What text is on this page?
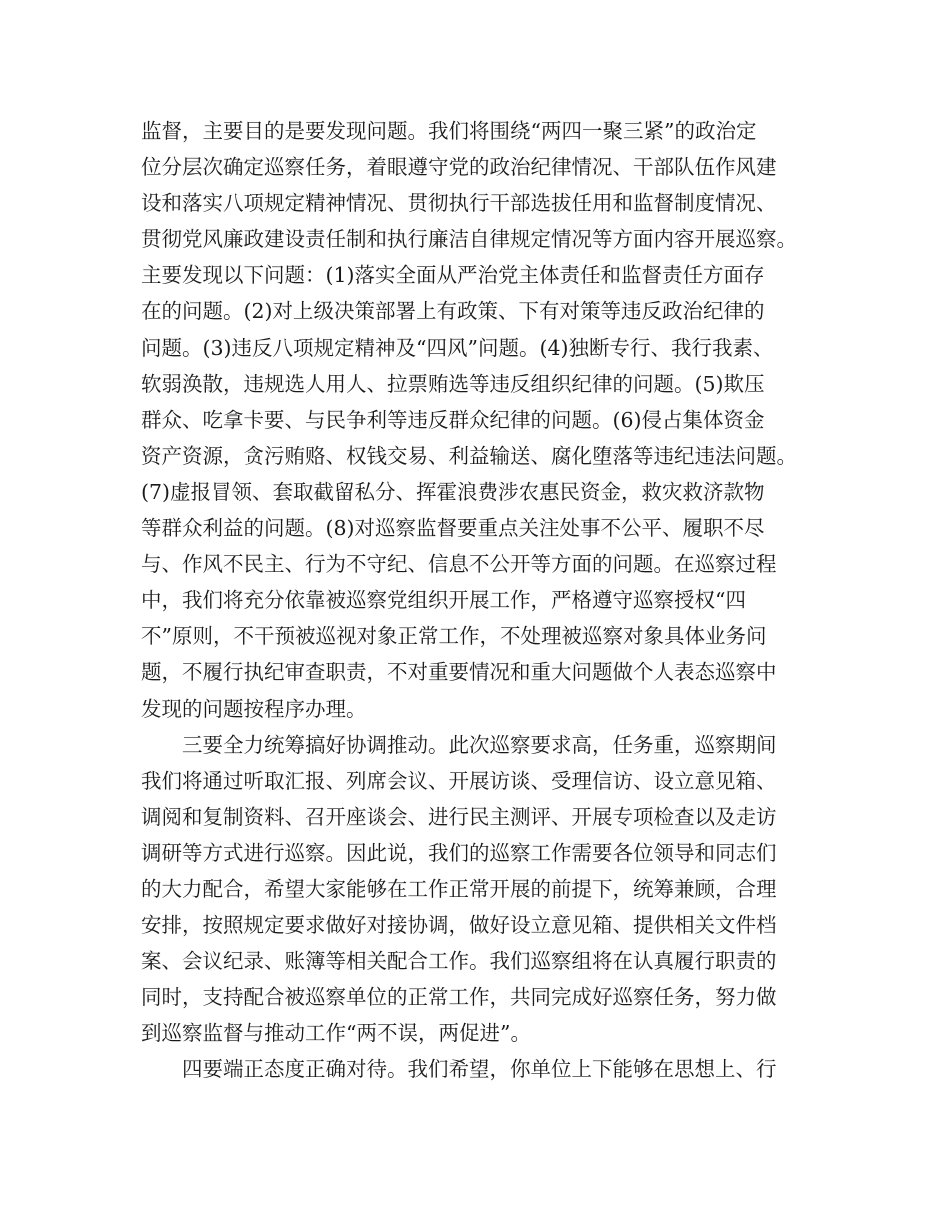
监督，主要目的是要发现问题。我们将围绕“两四一聚三紧”的政治定
位分层次确定巡察任务，着眼遵守党的政治纪律情况、干部队伍作风建
设和落实八项规定精神情况、贯彻执行干部选拔任用和监督制度情况、
贯彻党风廉政建设责任制和执行廉洁自律规定情况等方面内容开展巡察。
主要发现以下问题：(1)落实全面从严治党主体责任和监督责任方面存
在的问题。(2)对上级决策部署上有政策、下有对策等违反政治纪律的
问题。(3)违反八项规定精神及“四风”问题。(4)独断专行、我行我素、
软弱涣散，违规选人用人、拉票贿选等违反组织纪律的问题。(5)欺压
群众、吃拿卡要、与民争利等违反群众纪律的问题。(6)侵占集体资金
资产资源，贪污贿赂、权钱交易、利益输送、腐化堕落等违纪违法问题。
(7)虚报冒领、套取截留私分、挥霍浪费涉农惠民资金，救灾救济款物
等群众利益的问题。(8)对巡察监督要重点关注处事不公平、履职不尽
与、作风不民主、行为不守纪、信息不公开等方面的问题。在巡察过程
中，我们将充分依靠被巡察党组织开展工作，严格遵守巡察授权“四
不”原则，不干预被巡视对象正常工作，不处理被巡察对象具体业务问
题，不履行执纪审查职责，不对重要情况和重大问题做个人表态巡察中
发现的问题按程序办理。
三要全力统筹搞好协调推动。此次巡察要求高，任务重，巡察期间
我们将通过听取汇报、列席会议、开展访谈、受理信访、设立意见箱、
调阅和复制资料、召开座谈会、进行民主测评、开展专项检查以及走访
调研等方式进行巡察。因此说，我们的巡察工作需要各位领导和同志们
的大力配合，希望大家能够在工作正常开展的前提下，统筹兼顾，合理
安排，按照规定要求做好对接协调，做好设立意见箱、提供相关文件档
案、会议纪录、账簿等相关配合工作。我们巡察组将在认真履行职责的
同时，支持配合被巡察单位的正常工作，共同完成好巡察任务，努力做
到巡察监督与推动工作“两不误，两促进”。
四要端正态度正确对待。我们希望，你单位上下能够在思想上、行
